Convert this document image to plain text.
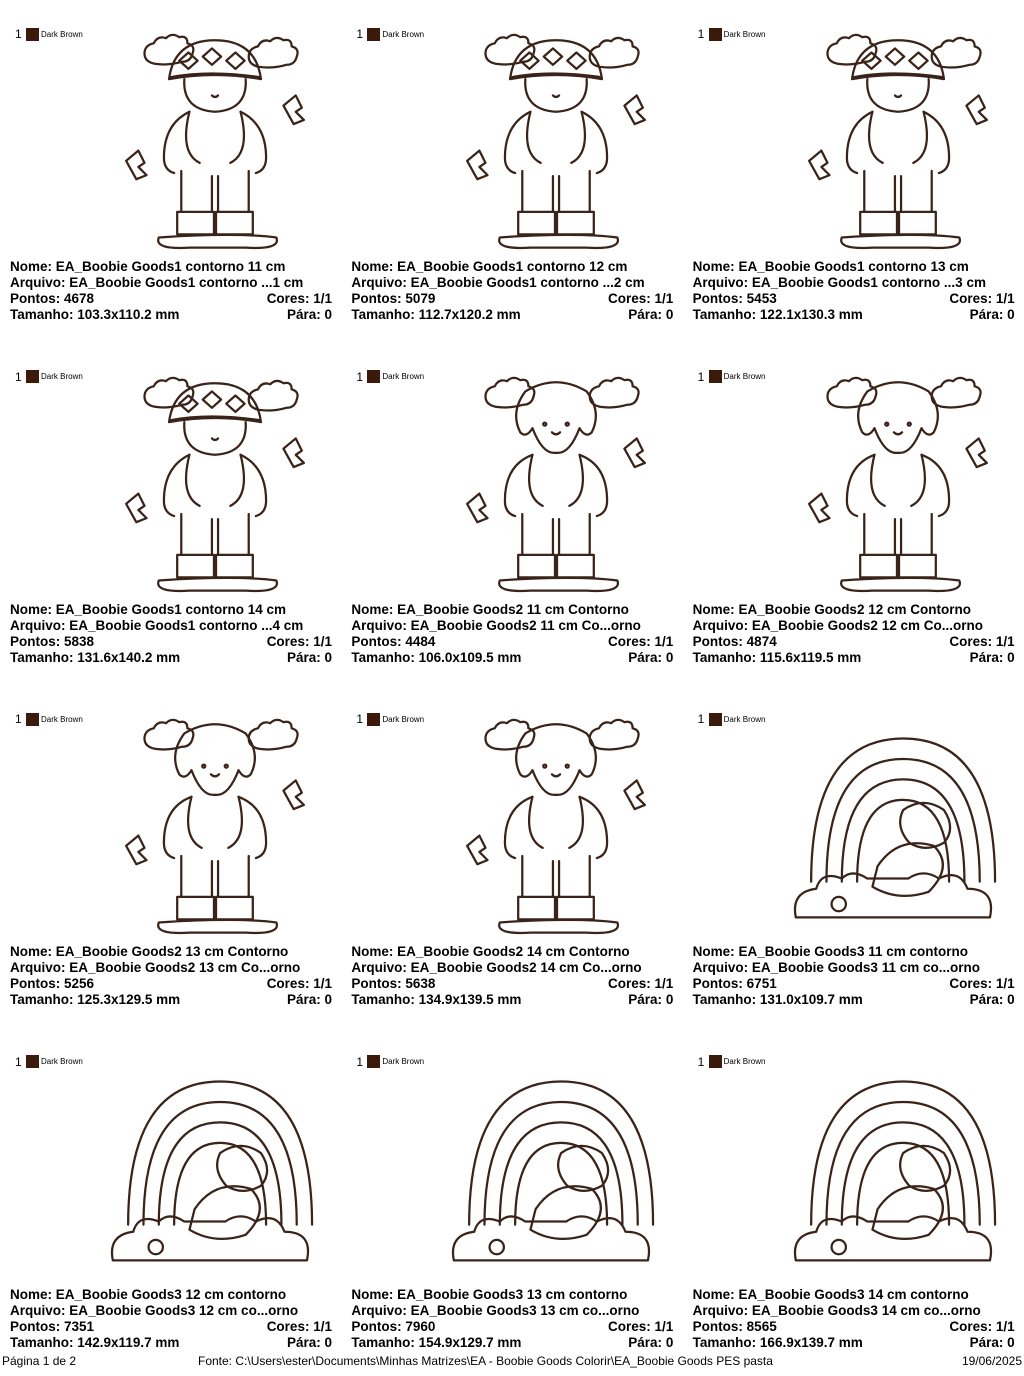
1 Dark Brown
Nome: EA_Boobie Goods1 contorno 11 cm
Arquivo: EA_Boobie Goods1 contorno ...1 cm
Pontos: 4678	Cores: 1/1
Tamanho: 103.3x110.2 mm	Pára: 0
1 Dark Brown
Nome: EA_Boobie Goods1 contorno 12 cm
Arquivo: EA_Boobie Goods1 contorno ...2 cm
Pontos: 5079	Cores: 1/1
Tamanho: 112.7x120.2 mm	Pára: 0
1 Dark Brown
Nome: EA_Boobie Goods1 contorno 13 cm
Arquivo: EA_Boobie Goods1 contorno ...3 cm
Pontos: 5453	Cores: 1/1
Tamanho: 122.1x130.3 mm	Pára: 0
1 Dark Brown
Nome: EA_Boobie Goods1 contorno 14 cm
Arquivo: EA_Boobie Goods1 contorno ...4 cm
Pontos: 5838	Cores: 1/1
Tamanho: 131.6x140.2 mm	Pára: 0
1 Dark Brown
Nome: EA_Boobie Goods2 11 cm Contorno
Arquivo: EA_Boobie Goods2 11 cm Co...orno
Pontos: 4484	Cores: 1/1
Tamanho: 106.0x109.5 mm	Pára: 0
1 Dark Brown
Nome: EA_Boobie Goods2 12 cm Contorno
Arquivo: EA_Boobie Goods2 12 cm Co...orno
Pontos: 4874	Cores: 1/1
Tamanho: 115.6x119.5 mm	Pára: 0
1 Dark Brown
Nome: EA_Boobie Goods2 13 cm Contorno
Arquivo: EA_Boobie Goods2 13 cm Co...orno
Pontos: 5256	Cores: 1/1
Tamanho: 125.3x129.5 mm	Pára: 0
1 Dark Brown
Nome: EA_Boobie Goods2 14 cm Contorno
Arquivo: EA_Boobie Goods2 14 cm Co...orno
Pontos: 5638	Cores: 1/1
Tamanho: 134.9x139.5 mm	Pára: 0
1 Dark Brown
Nome: EA_Boobie Goods3 11 cm contorno
Arquivo: EA_Boobie Goods3 11 cm co...orno
Pontos: 6751	Cores: 1/1
Tamanho: 131.0x109.7 mm	Pára: 0
1 Dark Brown
Nome: EA_Boobie Goods3 12 cm contorno
Arquivo: EA_Boobie Goods3 12 cm co...orno
Pontos: 7351	Cores: 1/1
Tamanho: 142.9x119.7 mm	Pára: 0
1 Dark Brown
Nome: EA_Boobie Goods3 13 cm contorno
Arquivo: EA_Boobie Goods3 13 cm co...orno
Pontos: 7960	Cores: 1/1
Tamanho: 154.9x129.7 mm	Pára: 0
1 Dark Brown
Nome: EA_Boobie Goods3 14 cm contorno
Arquivo: EA_Boobie Goods3 14 cm co...orno
Pontos: 8565	Cores: 1/1
Tamanho: 166.9x139.7 mm	Pára: 0
Página 1 de 2	Fonte: C:\Users\ester\Documents\Minhas Matrizes\EA - Boobie Goods Colorir\EA_Boobie Goods PES pasta	19/06/2025
